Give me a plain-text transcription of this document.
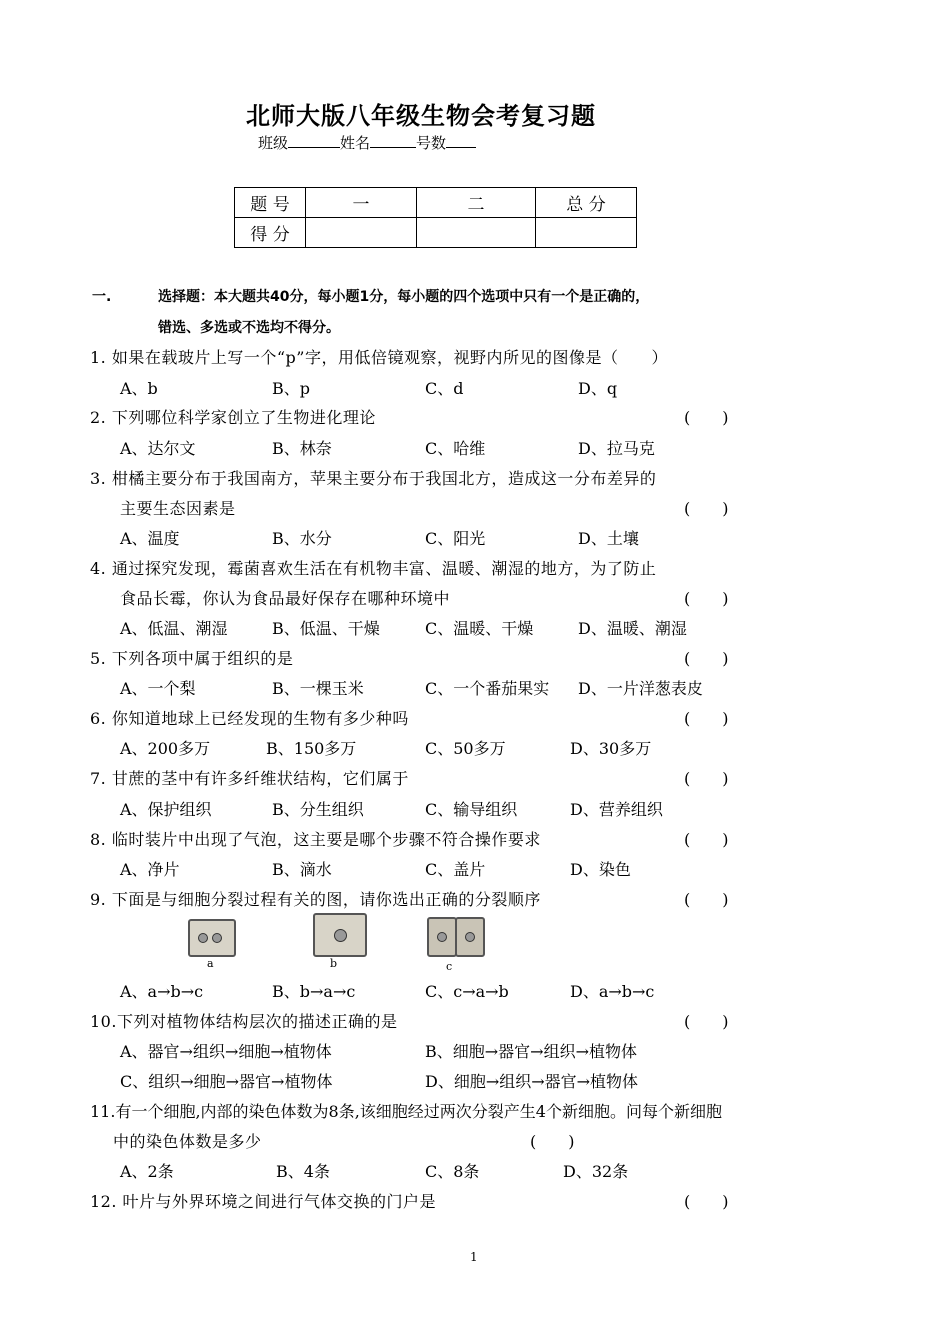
北师大版八年级生物会考复习题
班级	姓名	号数
题 号	一	二	总 分
得 分			
一.	选择题：本大题共40分，每小题1分，每小题的四个选项中只有一个是正确的，
错选、多选或不选均不得分。
1. 如果在载玻片上写一个“p”字，用低倍镜观察，视野内所见的图像是（　　）
A、b	B、p	C、d	D、q
2. 下列哪位科学家创立了生物进化理论	(　　)
A、达尔文	B、林奈	C、哈维	D、拉马克
3. 柑橘主要分布于我国南方，苹果主要分布于我国北方，造成这一分布差异的
主要生态因素是	(　　)
A、温度	B、水分	C、阳光	D、土壤
4. 通过探究发现，霉菌喜欢生活在有机物丰富、温暖、潮湿的地方，为了防止
食品长霉，你认为食品最好保存在哪种环境中	(　　)
A、低温、潮湿	B、低温、干燥	C、温暖、干燥	D、温暖、潮湿
5. 下列各项中属于组织的是	(　　)
A、一个梨	B、一棵玉米	C、一个番茄果实 D、一片洋葱表皮
6. 你知道地球上已经发现的生物有多少种吗	(　　)
A、200多万	B、150多万	C、50多万	D、30多万
7. 甘蔗的茎中有许多纤维状结构，它们属于	(　　)
A、保护组织	B、分生组织	C、输导组织	D、营养组织
8. 临时装片中出现了气泡，这主要是哪个步骤不符合操作要求	(　　)
A、净片	B、滴水	C、盖片	D、染色
9. 下面是与细胞分裂过程有关的图，请你选出正确的分裂顺序	(　　)
a	b	c
A、a→b→c	B、b→a→c	C、c→a→b	D、a→b→c
10.下列对植物体结构层次的描述正确的是	(　　)
A、器官→组织→细胞→植物体	B、细胞→器官→组织→植物体
C、组织→细胞→器官→植物体	D、细胞→组织→器官→植物体
11.有一个细胞,内部的染色体数为8条,该细胞经过两次分裂产生4个新细胞。问每个新细胞
中的染色体数是多少	(　　)
A、2条	B、4条	C、8条	D、32条
12. 叶片与外界环境之间进行气体交换的门户是	(　　)
1
